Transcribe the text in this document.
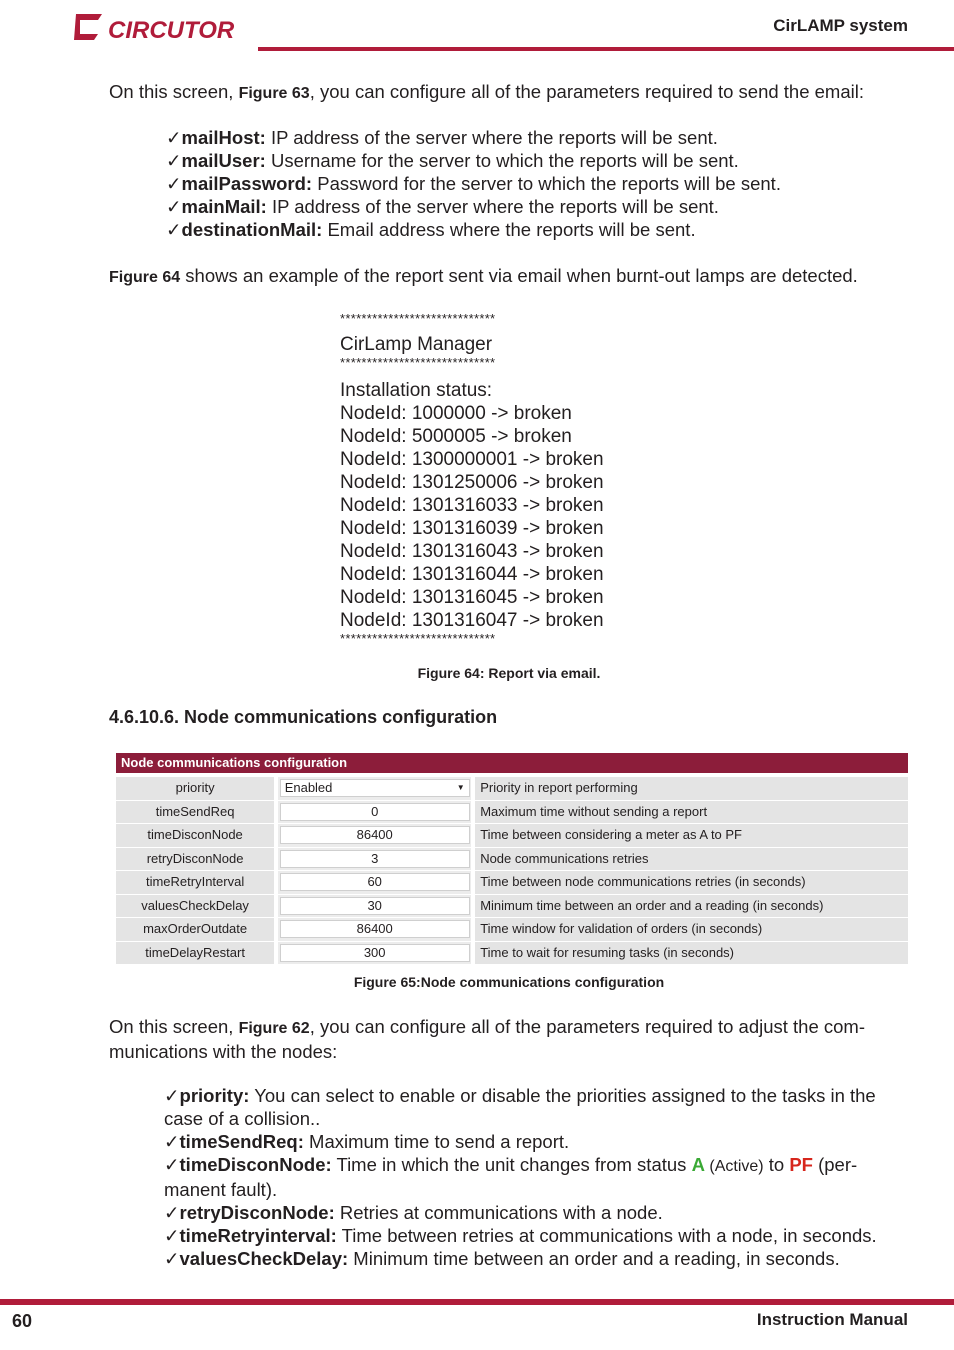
CIRCUTOR	CirLAMP system
On this screen, Figure 63, you can configure all of the parameters required to send the email:
✓mailHost: IP address of the server where the reports will be sent.
✓mailUser: Username for the server to which the reports will be sent.
✓mailPassword: Password for the server to which the reports will be sent.
✓mainMail: IP address of the server where the reports will be sent.
✓destinationMail: Email address where the reports will be sent.
Figure 64 shows an example of the report sent via email when burnt-out lamps are detected.
*****************************
CirLamp Manager
*****************************
Installation status:
NodeId: 1000000 -> broken
NodeId: 5000005 -> broken
NodeId: 1300000001 -> broken
NodeId: 1301250006 -> broken
NodeId: 1301316033 -> broken
NodeId: 1301316039 -> broken
NodeId: 1301316043 -> broken
NodeId: 1301316044 -> broken
NodeId: 1301316045 -> broken
NodeId: 1301316047 -> broken
*****************************
Figure 64: Report via email.
4.6.10.6. Node communications configuration
Node communications configuration
priority	Enabled	▼	Priority in report performing
timeSendReq	0	Maximum time without sending a report
timeDisconNode	86400	Time between considering a meter as A to PF
retryDisconNode	3	Node communications retries
timeRetryInterval	60	Time between node communications retries (in seconds)
valuesCheckDelay	30	Minimum time between an order and a reading (in seconds)
maxOrderOutdate	86400	Time window for validation of orders (in seconds)
timeDelayRestart	300	Time to wait for resuming tasks (in seconds)
Figure 65:Node communications configuration
On this screen, Figure 62, you can configure all of the parameters required to adjust the com-
munications with the nodes:
✓priority: You can select to enable or disable the priorities assigned to the tasks in the
case of a collision..
✓timeSendReq: Maximum time to send a report.
✓timeDisconNode: Time in which the unit changes from status A (Active) to PF (per-
manent fault).
✓retryDisconNode: Retries at communications with a node.
✓timeRetryinterval: Time between retries at communications with a node, in seconds.
✓valuesCheckDelay: Minimum time between an order and a reading, in seconds.
60	Instruction Manual
